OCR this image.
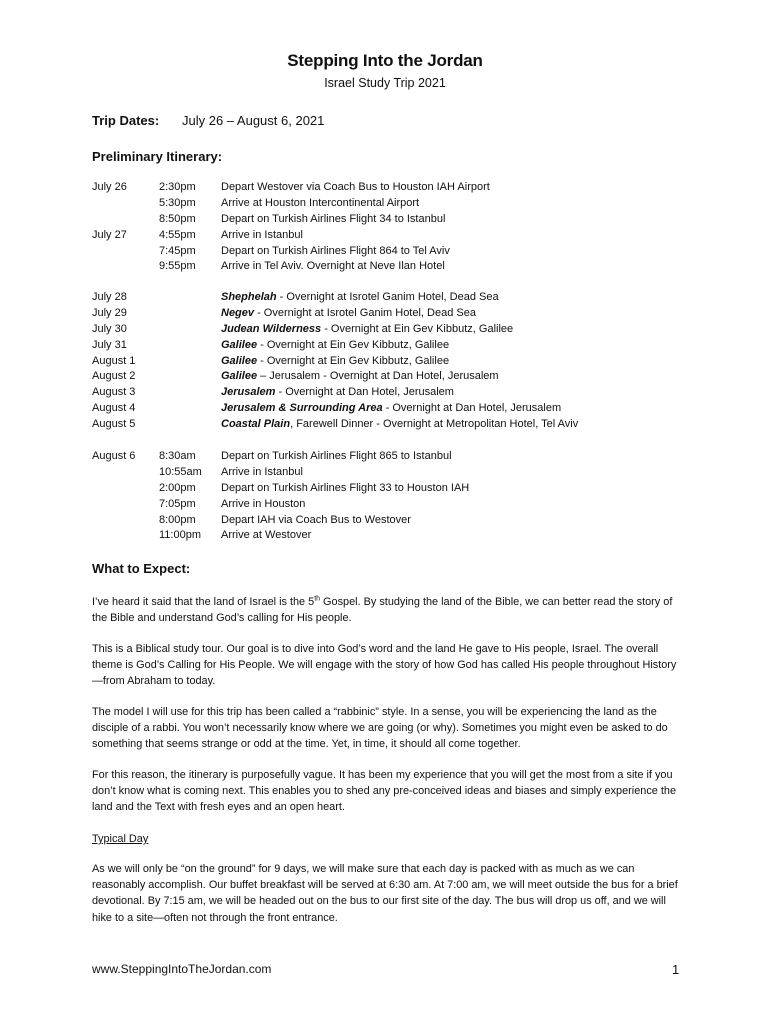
Stepping Into the Jordan
Israel Study Trip 2021
Trip Dates: July 26 – August 6, 2021
Preliminary Itinerary:
July 26	2:30pm Depart Westover via Coach Bus to Houston IAH Airport
5:30pm Arrive at Houston Intercontinental Airport
8:50pm Depart on Turkish Airlines Flight 34 to Istanbul
July 27	4:55pm Arrive in Istanbul
7:45pm Depart on Turkish Airlines Flight 864 to Tel Aviv
9:55pm Arrive in Tel Aviv. Overnight at Neve Ilan Hotel
July 28	Shephelah - Overnight at Isrotel Ganim Hotel, Dead Sea
July 29	Negev - Overnight at Isrotel Ganim Hotel, Dead Sea
July 30	Judean Wilderness - Overnight at Ein Gev Kibbutz, Galilee
July 31	Galilee - Overnight at Ein Gev Kibbutz, Galilee
August 1	Galilee - Overnight at Ein Gev Kibbutz, Galilee
August 2	Galilee – Jerusalem - Overnight at Dan Hotel, Jerusalem
August 3	Jerusalem - Overnight at Dan Hotel, Jerusalem
August 4	Jerusalem & Surrounding Area - Overnight at Dan Hotel, Jerusalem
August 5	Coastal Plain, Farewell Dinner - Overnight at Metropolitan Hotel, Tel Aviv
August 6 8:30am Depart on Turkish Airlines Flight 865 to Istanbul
10:55am Arrive in Istanbul
2:00pm Depart on Turkish Airlines Flight 33 to Houston IAH
7:05pm Arrive in Houston
8:00pm Depart IAH via Coach Bus to Westover
11:00pm Arrive at Westover
What to Expect:

I’ve heard it said that the land of Israel is the 5th Gospel. By studying the land of the Bible, we can better read the story of the Bible and understand God’s calling for His people.

This is a Biblical study tour. Our goal is to dive into God’s word and the land He gave to His people, Israel. The overall theme is God’s Calling for His People. We will engage with the story of how God has called His people throughout History—from Abraham to today.

The model I will use for this trip has been called a “rabbinic” style. In a sense, you will be experiencing the land as the disciple of a rabbi. You won’t necessarily know where we are going (or why). Sometimes you might even be asked to do something that seems strange or odd at the time. Yet, in time, it should all come together.

For this reason, the itinerary is purposefully vague. It has been my experience that you will get the most from a site if you don’t know what is coming next. This enables you to shed any pre-conceived ideas and biases and simply experience the land and the Text with fresh eyes and an open heart.

Typical Day

As we will only be “on the ground” for 9 days, we will make sure that each day is packed with as much as we can reasonably accomplish. Our buffet breakfast will be served at 6:30 am. At 7:00 am, we will meet outside the bus for a brief devotional. By 7:15 am, we will be headed out on the bus to our first site of the day. The bus will drop us off, and we will hike to a site—often not through the front entrance.

www.SteppingIntoTheJordan.com	1
